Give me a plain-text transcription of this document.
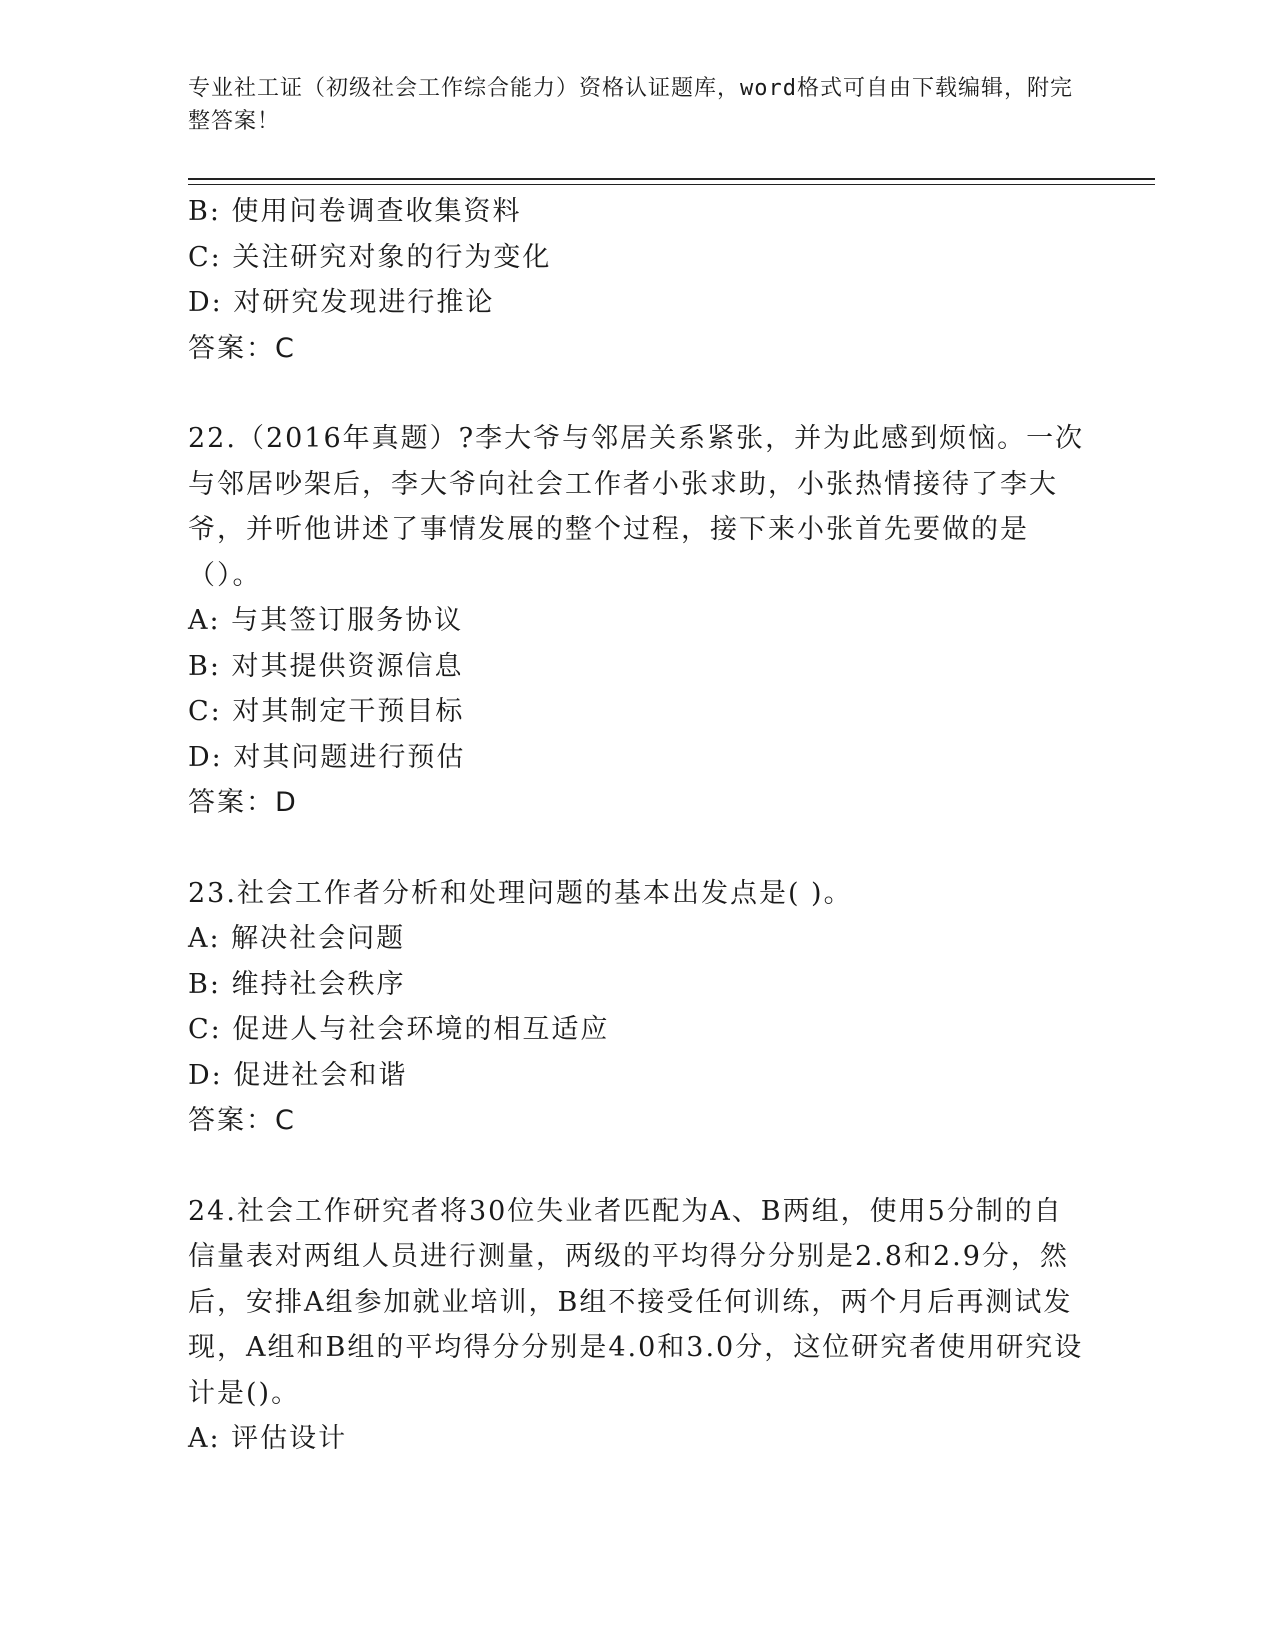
专业社工证（初级社会工作综合能力）资格认证题库，word格式可自由下载编辑，附完整答案！
B: 使用问卷调查收集资料
C: 关注研究对象的行为变化
D: 对研究发现进行推论
答案：C
22.（2016年真题）?李大爷与邻居关系紧张，并为此感到烦恼。一次与邻居吵架后，李大爷向社会工作者小张求助，小张热情接待了李大爷，并听他讲述了事情发展的整个过程，接下来小张首先要做的是（）。
A: 与其签订服务协议
B: 对其提供资源信息
C: 对其制定干预目标
D: 对其问题进行预估
答案：D
23.社会工作者分析和处理问题的基本出发点是( )。
A: 解决社会问题
B: 维持社会秩序
C: 促进人与社会环境的相互适应
D: 促进社会和谐
答案：C
24.社会工作研究者将30位失业者匹配为A、B两组，使用5分制的自信量表对两组人员进行测量，两级的平均得分分别是2.8和2.9分，然后，安排A组参加就业培训，B组不接受任何训练，两个月后再测试发现，A组和B组的平均得分分别是4.0和3.0分，这位研究者使用研究设计是()。
A: 评估设计
